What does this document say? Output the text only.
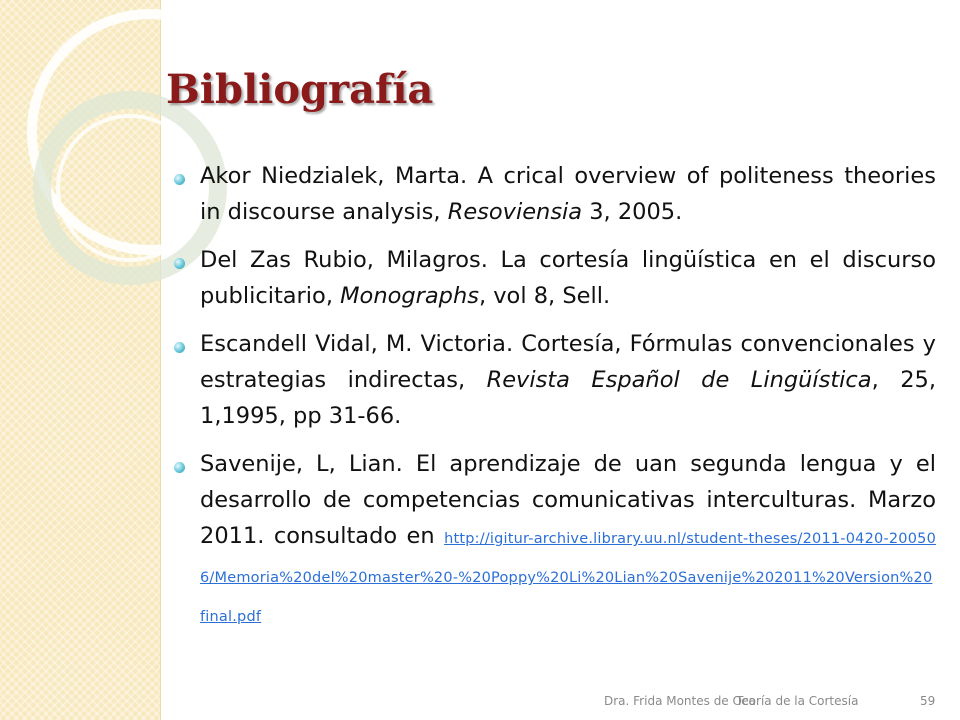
Bibliografía
Akor Niedzialek, Marta. A crical overview of politeness theories in discourse analysis, Resoviensia 3, 2005.
Del Zas Rubio, Milagros. La cortesía lingüística en el discurso publicitario, Monographs, vol 8, Sell.
Escandell Vidal, M. Victoria. Cortesía, Fórmulas convencionales y estrategias indirectas, Revista Español de Lingüística, 25, 1,1995, pp 31-66.
Savenije, L, Lian. El aprendizaje de uan segunda lengua y el desarrollo de competencias comunicativas interculturas. Marzo 2011. consultado en http://igitur-archive.library.uu.nl/student-theses/2011-0420-200506/Memoria%20del%20master%20-%20Poppy%20Li%20Lian%20Savenije%202011%20Version%20final.pdf
Dra. Frida Montes de Oca
Teoría de la Cortesía	59
